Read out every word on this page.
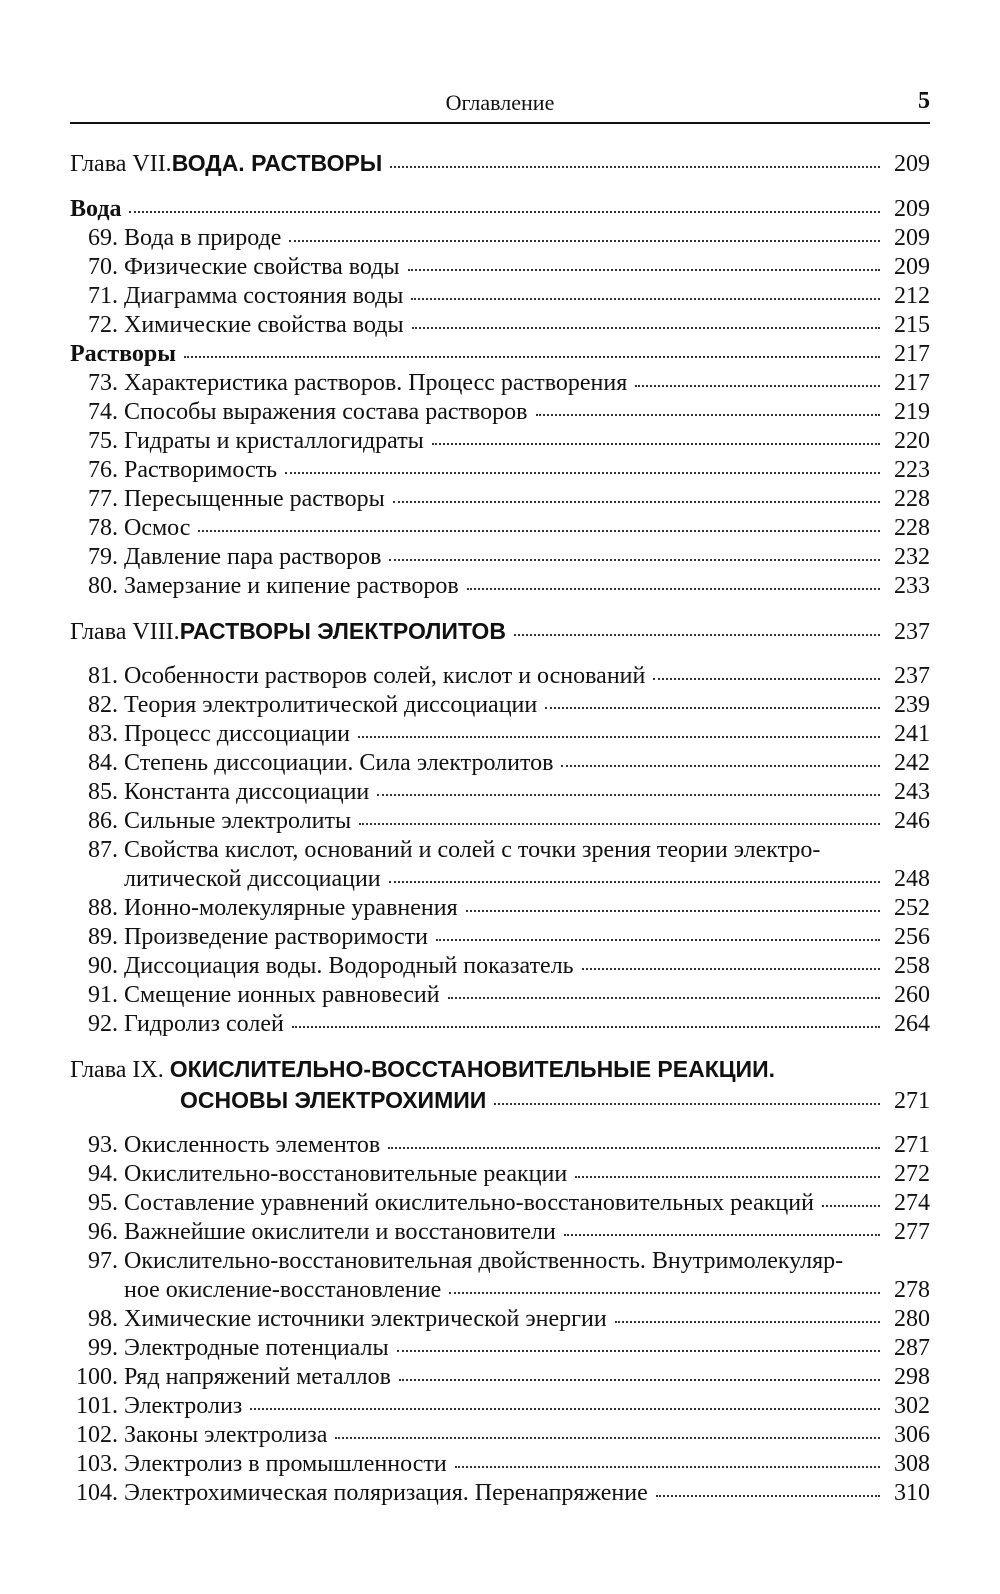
Оглавление	5
Глава VII. ВОДА. РАСТВОРЫ	209
Вода	209
69. Вода в природе	209
70. Физические свойства воды	209
71. Диаграмма состояния воды	212
72. Химические свойства воды	215
Растворы	217
73. Характеристика растворов. Процесс растворения	217
74. Способы выражения состава растворов	219
75. Гидраты и кристаллогидраты	220
76. Растворимость	223
77. Пересыщенные растворы	228
78. Осмос	228
79. Давление пара растворов	232
80. Замерзание и кипение растворов	233
Глава VIII. РАСТВОРЫ ЭЛЕКТРОЛИТОВ	237
81. Особенности растворов солей, кислот и оснований	237
82. Теория электролитической диссоциации	239
83. Процесс диссоциации	241
84. Степень диссоциации. Сила электролитов	242
85. Константа диссоциации	243
86. Сильные электролиты	246
87. Свойства кислот, оснований и солей с точки зрения теории электро-
литической диссоциации	248
88. Ионно-молекулярные уравнения	252
89. Произведение растворимости	256
90. Диссоциация воды. Водородный показатель	258
91. Смещение ионных равновесий	260
92. Гидролиз солей	264
Глава IX. ОКИСЛИТЕЛЬНО-ВОССТАНОВИТЕЛЬНЫЕ РЕАКЦИИ.
ОСНОВЫ ЭЛЕКТРОХИМИИ	271
93. Окисленность элементов	271
94. Окислительно-восстановительные реакции	272
95. Составление уравнений окислительно-восстановительных реакций	274
96. Важнейшие окислители и восстановители	277
97. Окислительно-восстановительная двойственность. Внутримолекуляр-
ное окисление-восстановление	278
98. Химические источники электрической энергии	280
99. Электродные потенциалы	287
100. Ряд напряжений металлов	298
101. Электролиз	302
102. Законы электролиза	306
103. Электролиз в промышленности	308
104. Электрохимическая поляризация. Перенапряжение	310
